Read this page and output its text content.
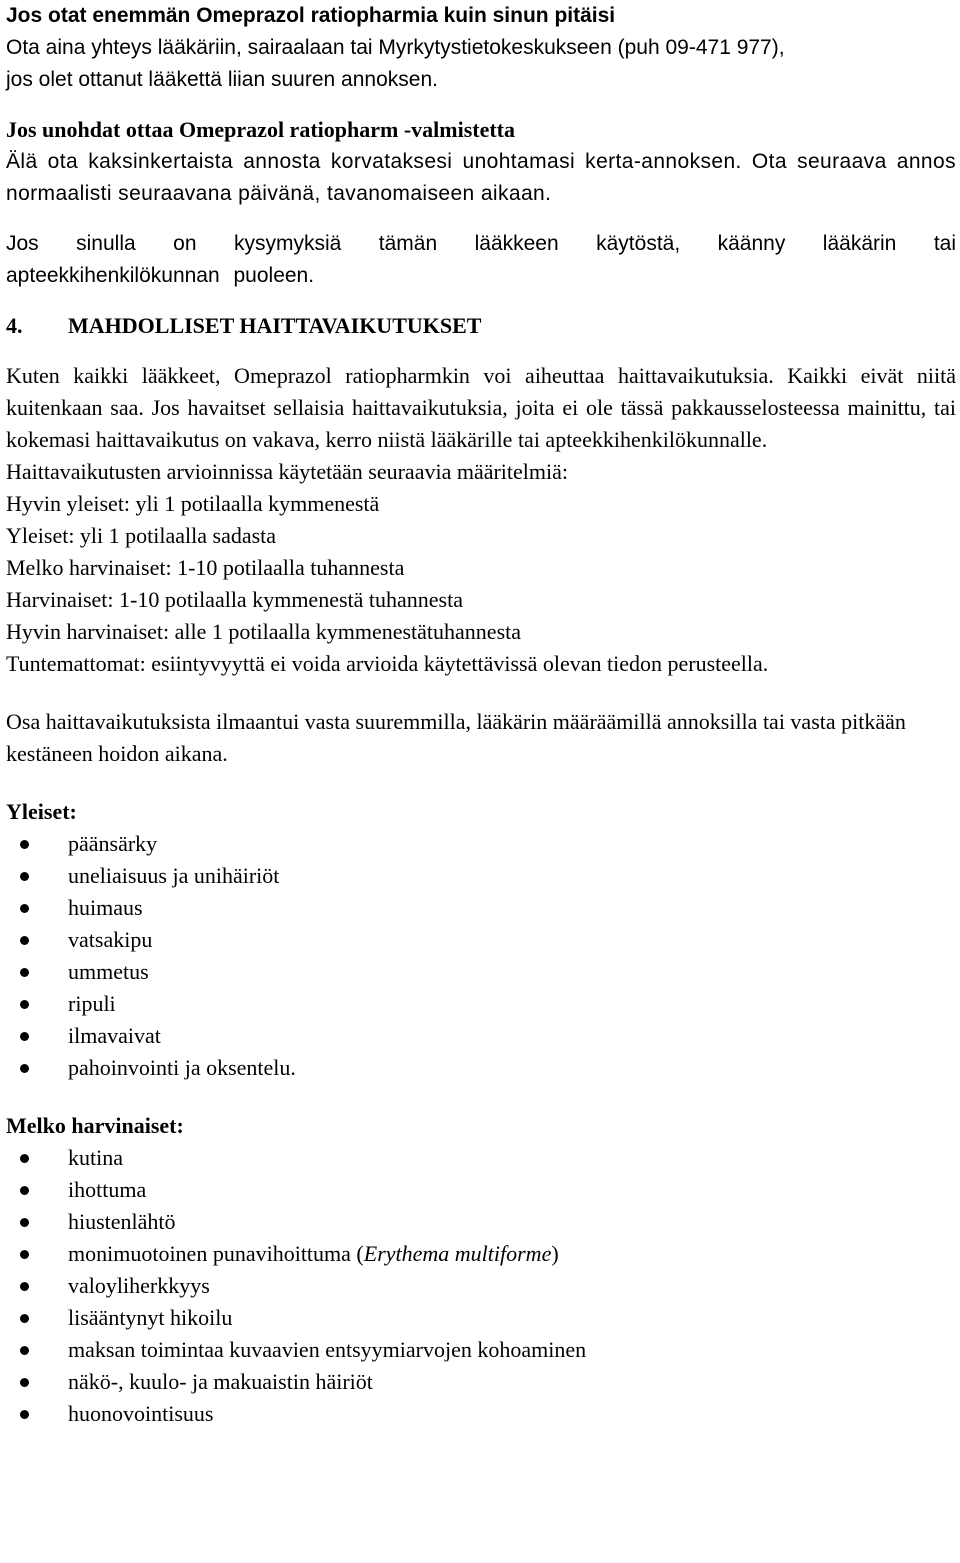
Jos otat enemmän Omeprazol ratiopharmia kuin sinun pitäisi

Ota aina yhteys lääkäriin, sairaalaan tai Myrkytystietokeskukseen (puh 09-471 977),

jos olet ottanut lääkettä liian suuren annoksen.

Jos unohdat ottaa Omeprazol ratiopharm -valmistetta

Älä ota kaksinkertaista annosta korvataksesi unohtamasi kerta-annoksen. Ota seuraava annos normaalisti seuraavana päivänä, tavanomaiseen aikaan.

Jos sinulla on kysymyksiä tämän lääkkeen käytöstä, käänny lääkärin tai apteekkihenkilökunnan puoleen.

4. MAHDOLLISET HAITTAVAIKUTUKSET

Kuten kaikki lääkkeet, Omeprazol ratiopharmkin voi aiheuttaa haittavaikutuksia. Kaikki eivät niitä kuitenkaan saa. Jos havaitset sellaisia haittavaikutuksia, joita ei ole tässä pakkausselosteessa mainittu, tai kokemasi haittavaikutus on vakava, kerro niistä lääkärille tai apteekkihenkilökunnalle.

Haittavaikutusten arvioinnissa käytetään seuraavia määritelmiä:

Hyvin yleiset: yli 1 potilaalla kymmenestä

Yleiset: yli 1 potilaalla sadasta

Melko harvinaiset: 1-10 potilaalla tuhannesta

Harvinaiset: 1-10 potilaalla kymmenestä tuhannesta

Hyvin harvinaiset: alle 1 potilaalla kymmenestätuhannesta

Tuntemattomat: esiintyvyyttä ei voida arvioida käytettävissä olevan tiedon perusteella.

Osa haittavaikutuksista ilmaantui vasta suuremmilla, lääkärin määräämillä annoksilla tai vasta pitkään kestäneen hoidon aikana.

Yleiset:

päänsärky
uneliaisuus ja unihäiriöt
huimaus
vatsakipu
ummetus
ripuli
ilmavaivat
pahoinvointi ja oksentelu.

Melko harvinaiset:

kutina
ihottuma
hiustenlähtö
monimuotoinen punavihoittuma (Erythema multiforme)
valoyliherkkyys
lisääntynyt hikoilu
maksan toimintaa kuvaavien entsyymiarvojen kohoaminen
näkö-, kuulo- ja makuaistin häiriöt
huonovointisuus
